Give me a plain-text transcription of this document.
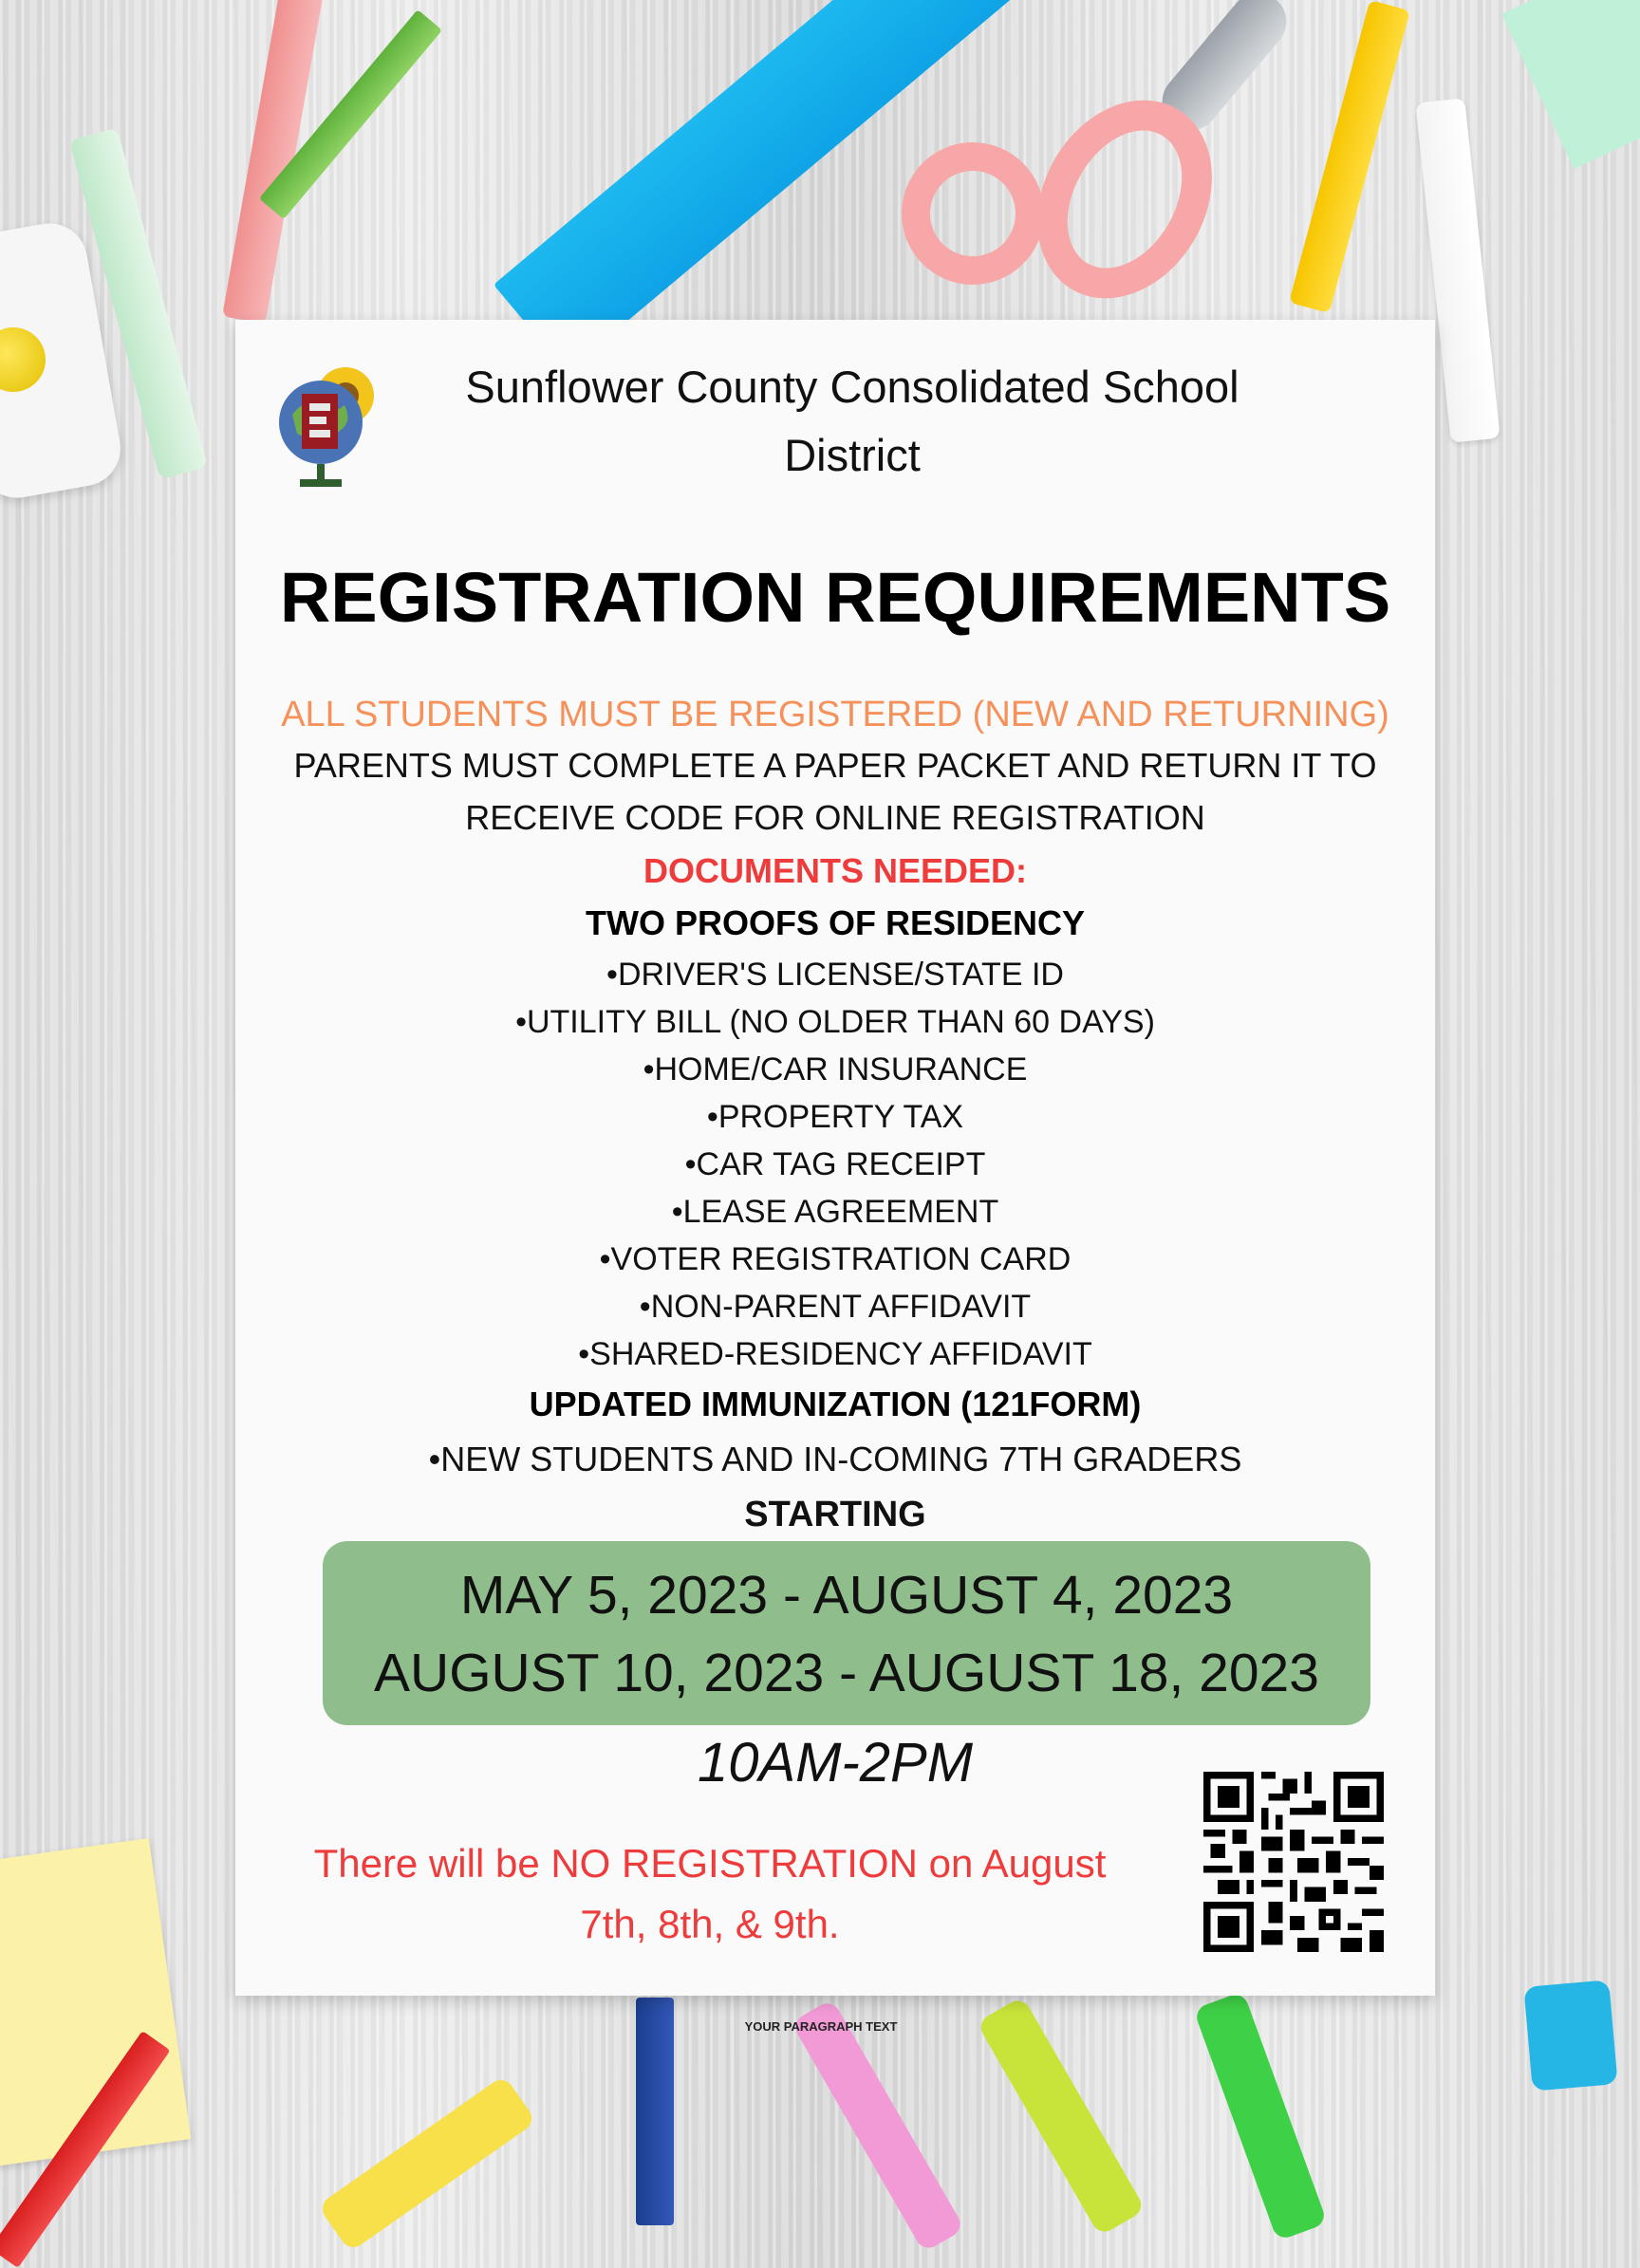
Sunflower County Consolidated School
District
REGISTRATION REQUIREMENTS
ALL STUDENTS MUST BE REGISTERED (NEW AND RETURNING)
PARENTS MUST COMPLETE A PAPER PACKET AND RETURN IT TO
RECEIVE CODE FOR ONLINE REGISTRATION
DOCUMENTS NEEDED:
TWO PROOFS OF RESIDENCY
•DRIVER'S LICENSE/STATE ID
•UTILITY BILL (NO OLDER THAN 60 DAYS)
•HOME/CAR INSURANCE
•PROPERTY TAX
•CAR TAG RECEIPT
•LEASE AGREEMENT
•VOTER REGISTRATION CARD
•NON-PARENT AFFIDAVIT
•SHARED-RESIDENCY AFFIDAVIT
UPDATED IMMUNIZATION (121FORM)
•NEW STUDENTS AND IN-COMING 7TH GRADERS
STARTING
MAY 5, 2023 - AUGUST 4, 2023
AUGUST 10, 2023 - AUGUST 18, 2023
10AM-2PM
There will be NO REGISTRATION on August 7th, 8th, & 9th.
YOUR PARAGRAPH TEXT
